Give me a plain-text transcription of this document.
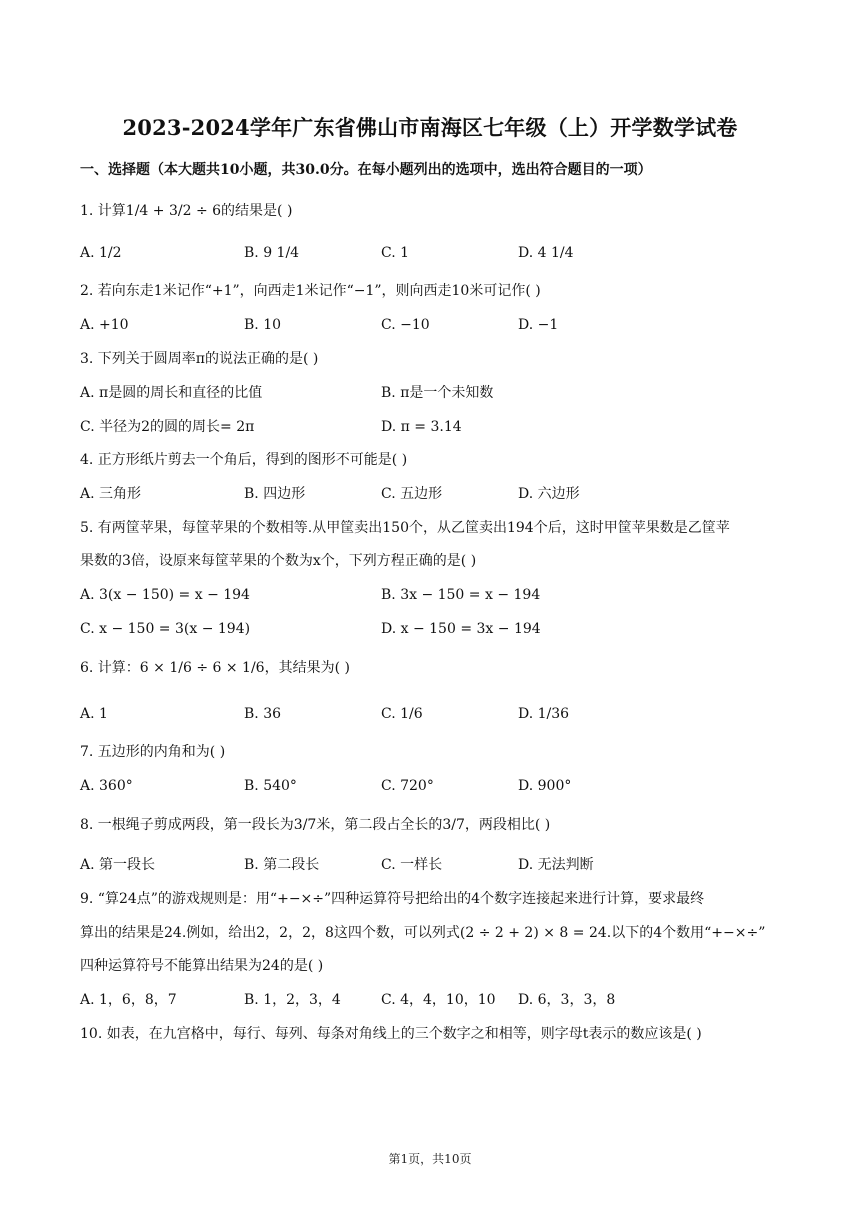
2023-2024学年广东省佛山市南海区七年级（上）开学数学试卷
一、选择题（本大题共10小题，共30.0分。在每小题列出的选项中，选出符合题目的一项）
1. 计算1/4 + 3/2 ÷ 6的结果是( )
A. 1/2	B. 9 1/4	C. 1	D. 4 1/4
2. 若向东走1米记作“+1”，向西走1米记作“−1”，则向西走10米可记作( )
A. +10	B. 10	C. −10	D. −1
3. 下列关于圆周率π的说法正确的是( )
A. π是圆的周长和直径的比值	B. π是一个未知数
C. 半径为2的圆的周长= 2π	D. π = 3.14
4. 正方形纸片剪去一个角后，得到的图形不可能是( )
A. 三角形	B. 四边形	C. 五边形	D. 六边形
5. 有两筐苹果，每筐苹果的个数相等.从甲筐卖出150个，从乙筐卖出194个后，这时甲筐苹果数是乙筐苹
果数的3倍，设原来每筐苹果的个数为x个，下列方程正确的是( )
A. 3(x − 150) = x − 194	B. 3x − 150 = x − 194
C. x − 150 = 3(x − 194)	D. x − 150 = 3x − 194
6. 计算：6 × 1/6 ÷ 6 × 1/6，其结果为( )
A. 1	B. 36	C. 1/6	D. 1/36
7. 五边形的内角和为( )
A. 360°	B. 540°	C. 720°	D. 900°
8. 一根绳子剪成两段，第一段长为3/7米，第二段占全长的3/7，两段相比( )
A. 第一段长	B. 第二段长	C. 一样长	D. 无法判断
9. “算24点”的游戏规则是：用“+−×÷”四种运算符号把给出的4个数字连接起来进行计算，要求最终
算出的结果是24.例如，给出2，2，2，8这四个数，可以列式(2 ÷ 2 + 2) × 8 = 24.以下的4个数用“+−×÷”
四种运算符号不能算出结果为24的是( )
A. 1，6，8，7	B. 1，2，3，4	C. 4，4，10，10 D. 6，3，3，8
10. 如表，在九宫格中，每行、每列、每条对角线上的三个数字之和相等，则字母t表示的数应该是( )
第1页，共10页
